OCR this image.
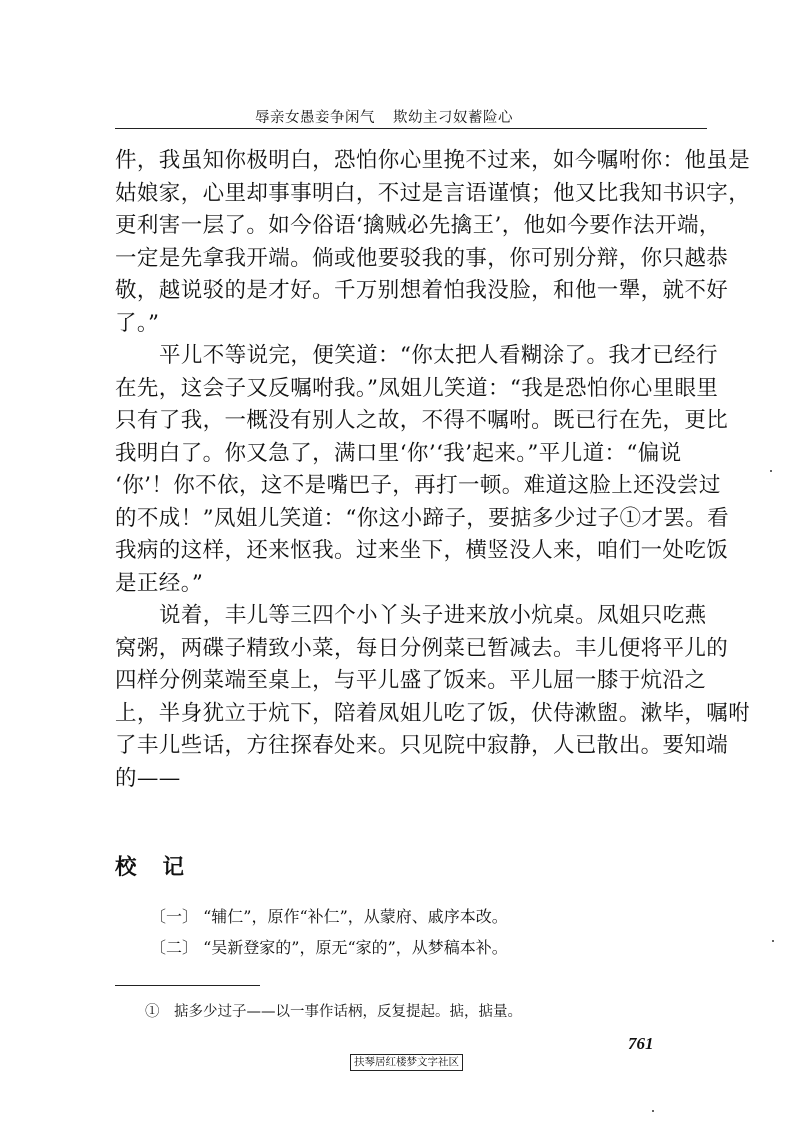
辱亲女愚妾争闲气 欺幼主刁奴蓄险心
件，我虽知你极明白，恐怕你心里挽不过来，如今嘱咐你：他虽是
姑娘家，心里却事事明白，不过是言语谨慎；他又比我知书识字，
更利害一层了。如今俗语‘擒贼必先擒王’，他如今要作法开端，
一定是先拿我开端。倘或他要驳我的事，你可别分辩，你只越恭
敬，越说驳的是才好。千万别想着怕我没脸，和他一犟，就不好
了。”
平儿不等说完，便笑道：“你太把人看糊涂了。我才已经行
在先，这会子又反嘱咐我。”凤姐儿笑道：“我是恐怕你心里眼里
只有了我，一概没有别人之故，不得不嘱咐。既已行在先，更比
我明白了。你又急了，满口里‘你’‘我’起来。”平儿道：“偏说
‘你’！你不依，这不是嘴巴子，再打一顿。难道这脸上还没尝过
的不成！”凤姐儿笑道：“你这小蹄子，要掂多少过子①才罢。看
我病的这样，还来怄我。过来坐下，横竖没人来，咱们一处吃饭
是正经。”
说着，丰儿等三四个小丫头子进来放小炕桌。凤姐只吃燕
窝粥，两碟子精致小菜，每日分例菜已暂减去。丰儿便将平儿的
四样分例菜端至桌上，与平儿盛了饭来。平儿屈一膝于炕沿之
上，半身犹立于炕下，陪着凤姐儿吃了饭，伏侍漱盥。漱毕，嘱咐
了丰儿些话，方往探春处来。只见院中寂静，人已散出。要知端
的——
校记
〔一〕 “辅仁”，原作“补仁”，从蒙府、戚序本改。
〔二〕 “吴新登家的”，原无“家的”，从梦稿本补。
①　掂多少过子——以一事作话柄，反复提起。掂，掂量。
761
扶琴居红楼梦文字社区
